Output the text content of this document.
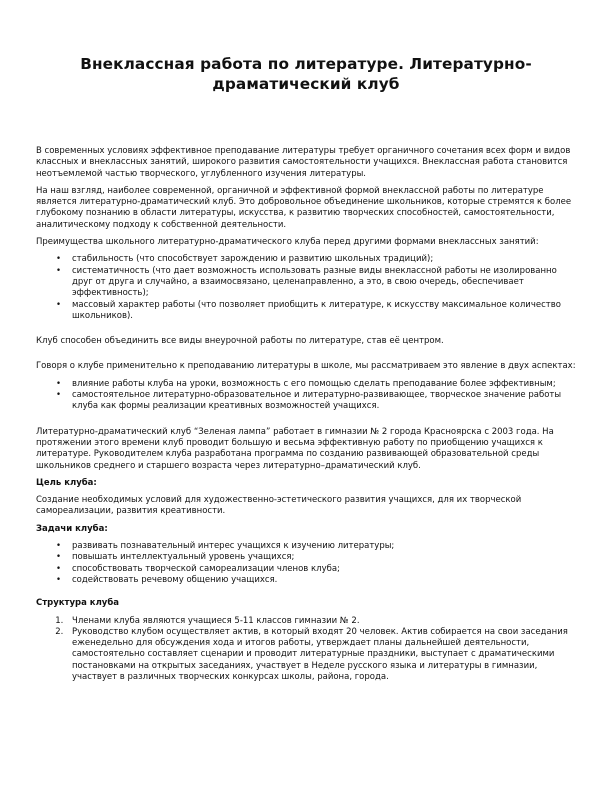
Внеклассная работа по литературе. Литературно-драматический клуб

В современных условиях эффективное преподавание литературы требует органичного сочетания всех форм и видов классных и внеклассных занятий, широкого развития самостоятельности учащихся. Внеклассная работа становится неотъемлемой частью творческого, углубленного изучения литературы.

На наш взгляд, наиболее современной, органичной и эффективной формой внеклассной работы по литературе является литературно-драматический клуб. Это добровольное объединение школьников, которые стремятся к более глубокому познанию в области литературы, искусства, к развитию творческих способностей, самостоятельности, аналитическому подходу к собственной деятельности.

Преимущества школьного литературно-драматического клуба перед другими формами внеклассных занятий:

• стабильность (что способствует зарождению и развитию школьных традиций);
• систематичность (что дает возможность использовать разные виды внеклассной работы не изолированно друг от друга и случайно, а взаимосвязано, целенаправленно, а это, в свою очередь, обеспечивает эффективность);
• массовый характер работы (что позволяет приобщить к литературе, к искусству максимальное количество школьников).

Клуб способен объединить все виды внеурочной работы по литературе, став её центром.

Говоря о клубе применительно к преподаванию литературы в школе, мы рассматриваем это явление в двух аспектах:

• влияние работы клуба на уроки, возможность с его помощью сделать преподавание более эффективным;
• самостоятельное литературно-образовательное и литературно-развивающее, творческое значение работы клуба как формы реализации креативных возможностей учащихся.

Литературно-драматический клуб “Зеленая лампа” работает в гимназии № 2 города Красноярска с 2003 года. На протяжении этого времени клуб проводит большую и весьма эффективную работу по приобщению учащихся к литературе. Руководителем клуба разработана программа по созданию развивающей образовательной среды школьников среднего и старшего возраста через литературно–драматический клуб.

Цель клуба:

Создание необходимых условий для художественно-эстетического развития учащихся, для их творческой самореализации, развития креативности.

Задачи клуба:

• развивать познавательный интерес учащихся к изучению литературы;
• повышать интеллектуальный уровень учащихся;
• способствовать творческой самореализации членов клуба;
• содействовать речевому общению учащихся.

Структура клуба

1. Членами клуба являются учащиеся 5-11 классов гимназии № 2.
2. Руководство клубом осуществляет актив, в который входят 20 человек. Актив собирается на свои заседания еженедельно для обсуждения хода и итогов работы, утверждает планы дальнейшей деятельности, самостоятельно составляет сценарии и проводит литературные праздники, выступает с драматическими постановками на открытых заседаниях, участвует в Неделе русского языка и литературы в гимназии, участвует в различных творческих конкурсах школы, района, города.
